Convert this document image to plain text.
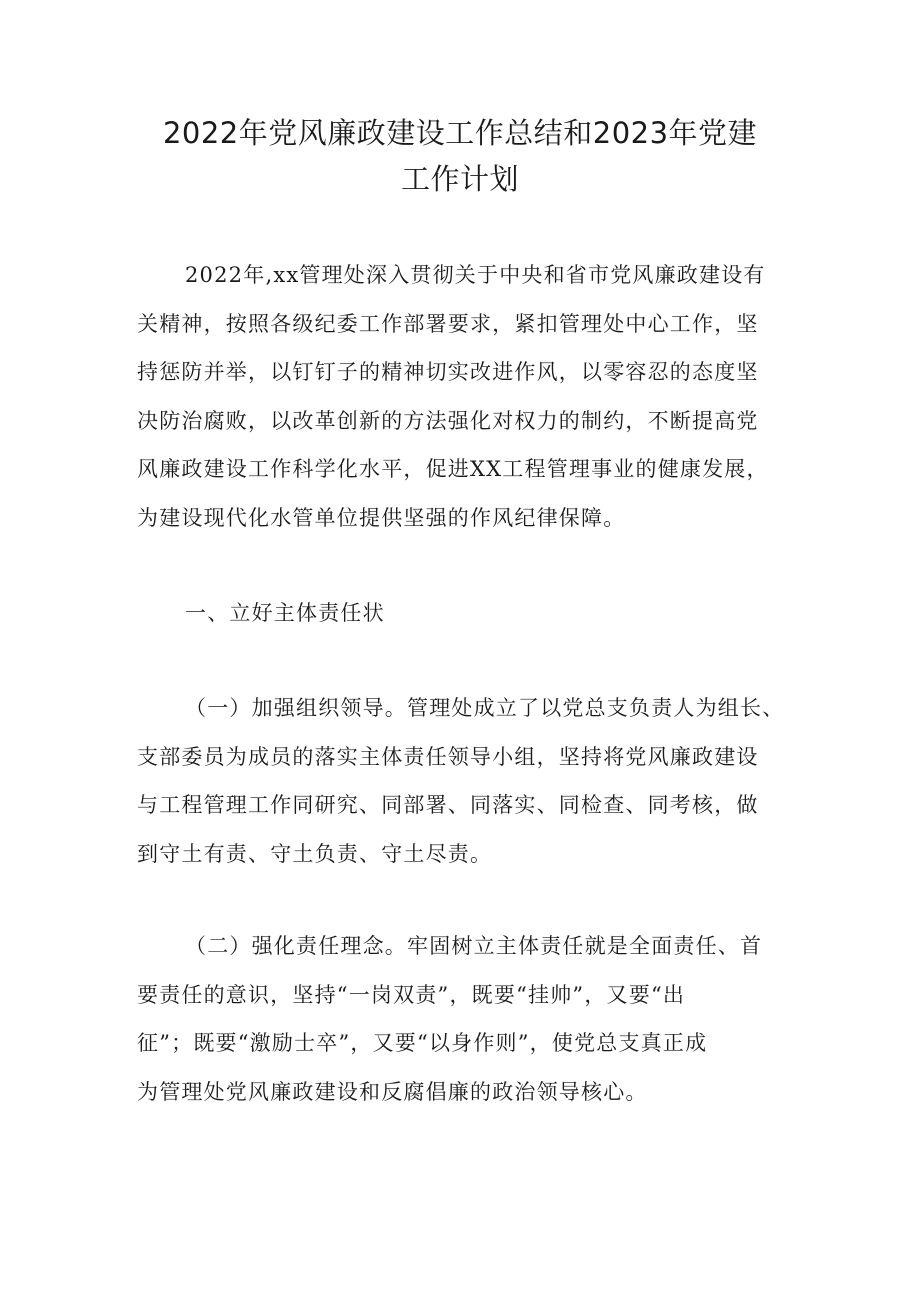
2022年党风廉政建设工作总结和2023年党建
工作计划

2022年,xx管理处深入贯彻关于中央和省市党风廉政建设有
关精神，按照各级纪委工作部署要求，紧扣管理处中心工作，坚
持惩防并举，以钉钉子的精神切实改进作风，以零容忍的态度坚
决防治腐败，以改革创新的方法强化对权力的制约，不断提高党
风廉政建设工作科学化水平，促进XX工程管理事业的健康发展，
为建设现代化水管单位提供坚强的作风纪律保障。

一、立好主体责任状

（一）加强组织领导。管理处成立了以党总支负责人为组长、
支部委员为成员的落实主体责任领导小组，坚持将党风廉政建设
与工程管理工作同研究、同部署、同落实、同检查、同考核，做
到守土有责、守土负责、守土尽责。

（二）强化责任理念。牢固树立主体责任就是全面责任、首
要责任的意识，坚持“一岗双责”，既要“挂帅”，又要“出
征”；既要“激励士卒”，又要“以身作则”，使党总支真正成
为管理处党风廉政建设和反腐倡廉的政治领导核心。
